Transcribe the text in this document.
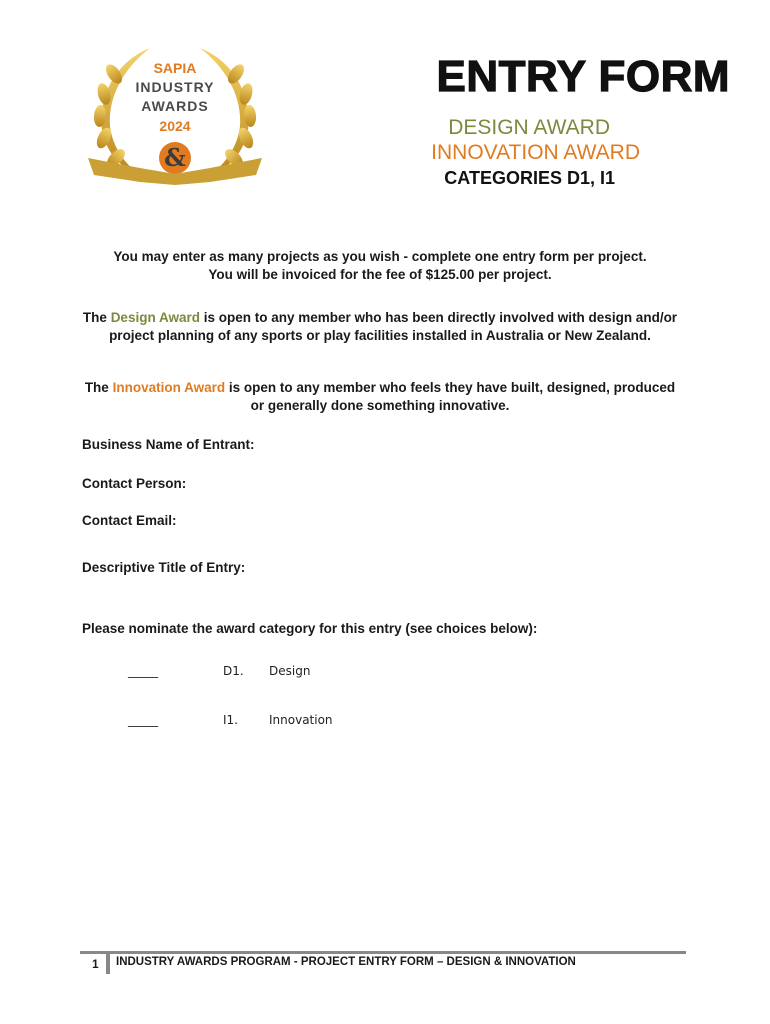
&
SAPIA
INDUSTRY
AWARDS
2024
ENTRY FORM
DESIGN AWARD
INNOVATION AWARD
CATEGORIES D1, I1
You may enter as many projects as you wish - complete one entry form per project.
You will be invoiced for the fee of $125.00 per project.
The Design Award is open to any member who has been directly involved with design and/or project planning of any sports or play facilities installed in Australia or New Zealand.
The Innovation Award is open to any member who feels they have built, designed, produced or generally done something innovative.
Business Name of Entrant:
Contact Person:
Contact Email:
Descriptive Title of Entry:
Please nominate the award category for this entry (see choices below):
_____	D1. Design
_____	I1.	Innovation
1 INDUSTRY AWARDS PROGRAM - PROJECT ENTRY FORM – DESIGN & INNOVATION
